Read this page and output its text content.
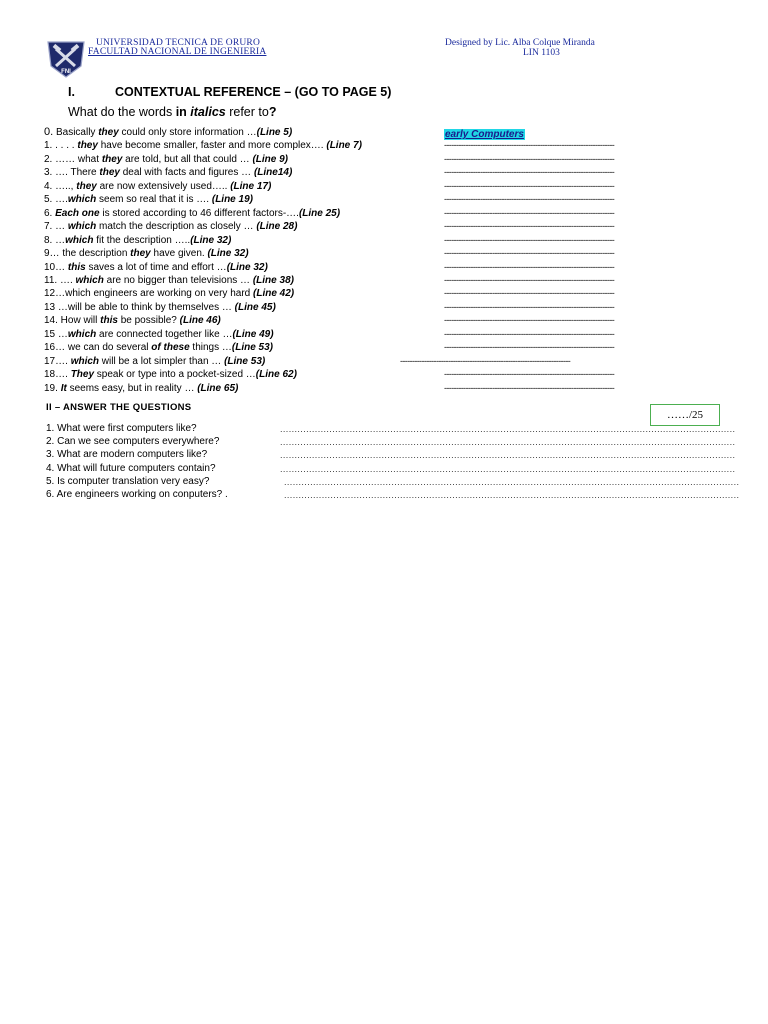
FNI
UNIVERSIDAD TECNICA DE ORURO
FACULTAD NACIONAL DE INGENIERIA
Designed by Lic. Alba Colque Miranda
LIN 1103
I.	CONTEXTUAL REFERENCE – (GO TO PAGE 5)
What do the words in italics refer to?
0. Basically they could only store information …(Line 5)	early Computers
1. . . . . they have become smaller, faster and more complex…. (Line 7)	-----------------------------------------------------------------------
2. …… what they are told, but all that could … (Line 9)	-----------------------------------------------------------------------
3. …. There they deal with facts and figures … (Line14)	-----------------------------------------------------------------------
4. ….., they are now extensively used….. (Line 17)	-----------------------------------------------------------------------
5. ….which seem so real that it is …. (Line 19)	-----------------------------------------------------------------------
6. Each one is stored according to 46 different factors-….(Line 25)	-----------------------------------------------------------------------
7. … which match the description as closely … (Line 28)	-----------------------------------------------------------------------
8. …which fit the description …..(Line 32)	-----------------------------------------------------------------------
9… the description they have given. (Line 32)	-----------------------------------------------------------------------
10… this saves a lot of time and effort …(Line 32)	-----------------------------------------------------------------------
11. …. which are no bigger than televisions … (Line 38)	-----------------------------------------------------------------------
12…which engineers are working on very hard (Line 42)	-----------------------------------------------------------------------
13 …will be able to think by themselves … (Line 45)	-----------------------------------------------------------------------
14. How will this be possible? (Line 46)	-----------------------------------------------------------------------
15 …which are connected together like …(Line 49)	-----------------------------------------------------------------------
16… we can do several of these things …(Line 53)	-----------------------------------------------------------------------
17…. which will be a lot simpler than … (Line 53)	-----------------------------------------------------------------------
18…. They speak or type into a pocket-sized …(Line 62)	-----------------------------------------------------------------------
19. It seems easy, but in reality … (Line 65)	-----------------------------------------------------------------------
II – ANSWER THE QUESTIONS
……/25
1. What were first computers like?	.............................................................................................................................................................
2. Can we see computers everywhere?	.............................................................................................................................................................
3. What are modern computers like?	.............................................................................................................................................................
4. What will future computers contain?	.............................................................................................................................................................
5. Is computer translation very easy?	.............................................................................................................................................................
6. Are engineers working on conputers? .	.............................................................................................................................................................
